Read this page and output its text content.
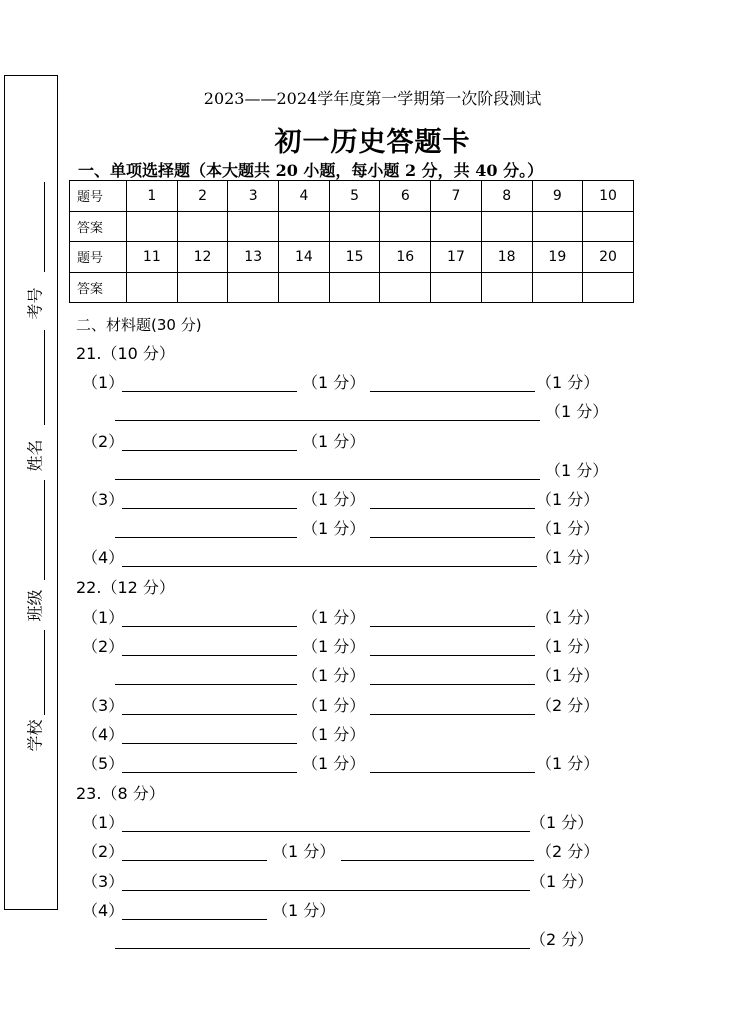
考号
姓名
班级
学校
2023——2024学年度第一学期第一次阶段测试
初一历史答题卡
一、单项选择题（本大题共 20 小题，每小题 2 分，共 40 分。）
题号	1	2	3	4	5	6	7	8	9	10
答案										
题号	11	12	13	14	15	16	17	18	19	20
答案										
二、材料题(30 分)
21.（10 分）
（1）	（1 分）	（1 分）
（1 分）
（2）	（1 分）
（1 分）
（3）	（1 分）	（1 分）
（1 分）	（1 分）
（4）	（1 分）
22.（12 分）
（1）	（1 分）	（1 分）
（2）	（1 分）	（1 分）
（1 分）	（1 分）
（3）	（1 分）	（2 分）
（4）	（1 分）
（5）	（1 分）	（1 分）
23.（8 分）
（1）	（1 分）
（2）	（1 分）	（2 分）
（3）	（1 分）
（4）	（1 分）
（2 分）
